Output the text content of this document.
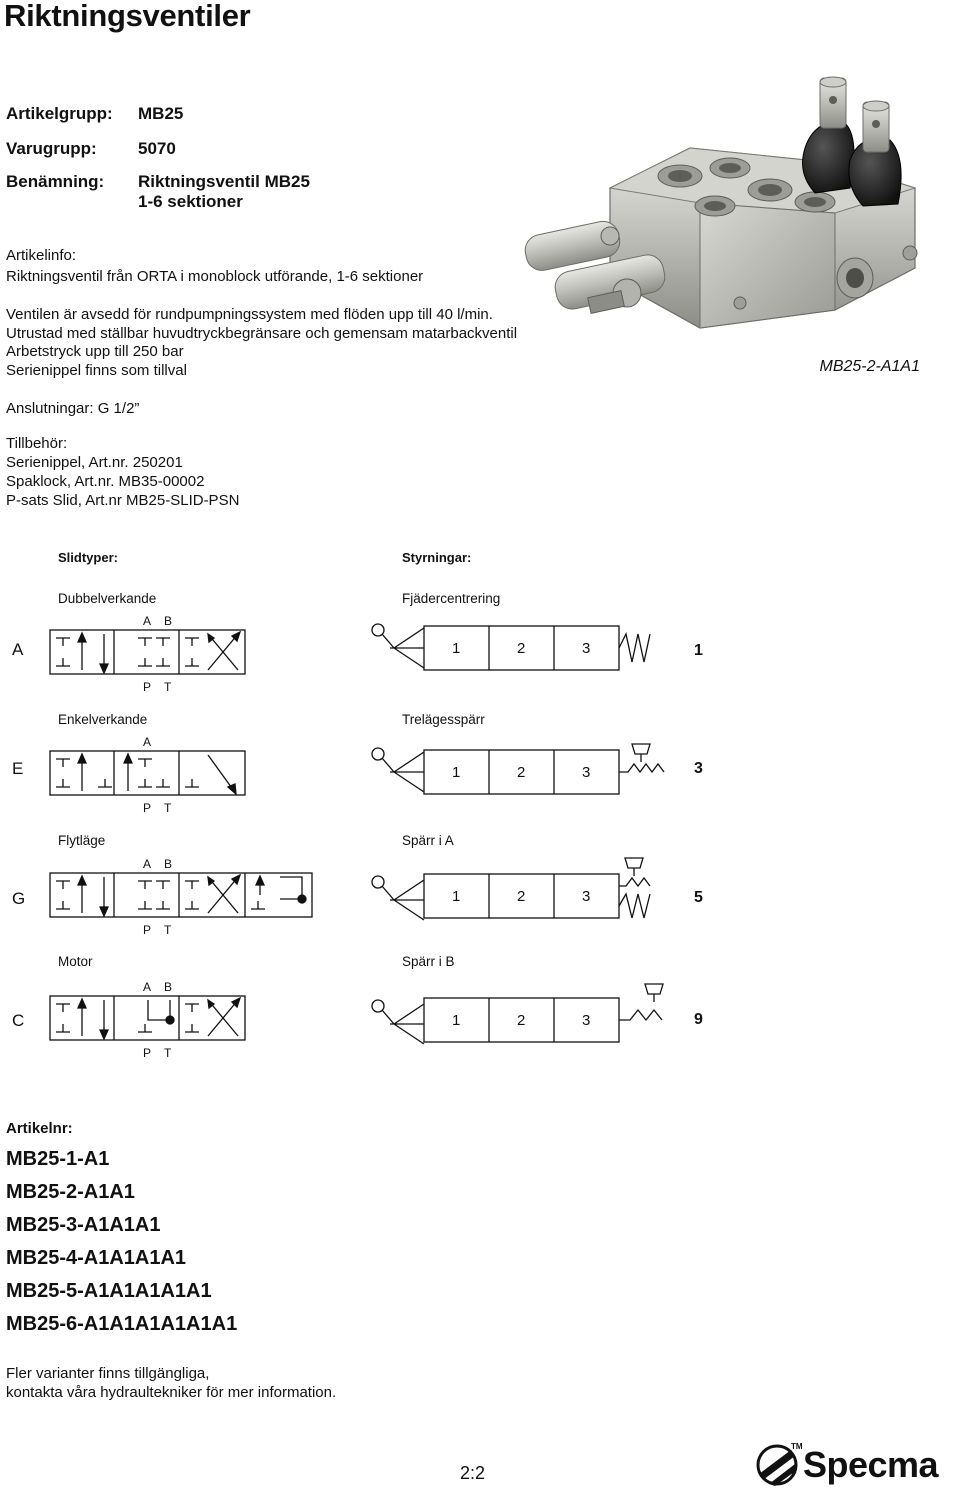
Riktningsventiler
Artikelgrupp: MB25
Varugrupp: 5070
Benämning: Riktningsventil MB25
1-6 sektioner
Artikelinfo:
Riktningsventil från ORTA i monoblock utförande, 1-6 sektioner
Ventilen är avsedd för rundpumpningssystem med flöden upp till 40 l/min.
Utrustad med ställbar huvudtryckbegränsare och gemensam matarbackventil
Arbetstryck upp till 250 bar
Serienippel finns som tillval
Anslutningar: G 1/2”
MB25-2-A1A1
Tillbehör:
Serienippel, Art.nr. 250201
Spaklock, Art.nr. MB35-00002
P-sats Slid, Art.nr MB25-SLID-PSN
Slidtyper:	Styrningar:
Dubbelverkande	Fjädercentrering
A	1
Enkelverkande	Trelägesspärr
E	3
Flytläge	Spärr i A
G	5
Motor	Spärr i B
C	9
A B
P T
A
P T
A B
P T
A B
P T
1	2	3
1	2	3
1	2	3
1	2	3
Artikelnr:
MB25-1-A1
MB25-2-A1A1
MB25-3-A1A1A1
MB25-4-A1A1A1A1
MB25-5-A1A1A1A1A1
MB25-6-A1A1A1A1A1A1
Fler varianter finns tillgängliga,
kontakta våra hydraultekniker för mer information.
2:2
TM Specma
